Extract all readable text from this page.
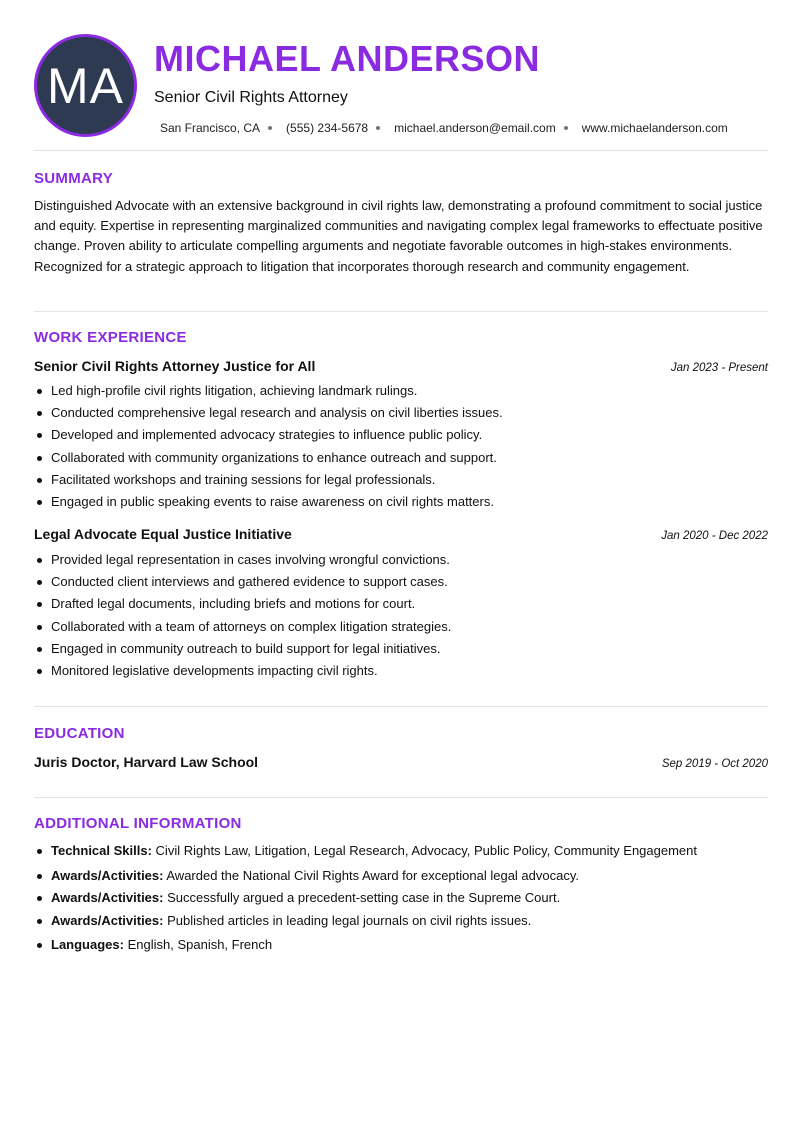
MA MICHAEL ANDERSON
Senior Civil Rights Attorney
San Francisco, CA (555) 234-5678 michael.anderson@email.com www.michaelanderson.com
SUMMARY
Distinguished Advocate with an extensive background in civil rights law, demonstrating a profound commitment to social justice and equity. Expertise in representing marginalized communities and navigating complex legal frameworks to effectuate positive change. Proven ability to articulate compelling arguments and negotiate favorable outcomes in high-stakes environments. Recognized for a strategic approach to litigation that incorporates thorough research and community engagement.
WORK EXPERIENCE
Senior Civil Rights Attorney Justice for All	Jan 2023 - Present
Led high-profile civil rights litigation, achieving landmark rulings.
Conducted comprehensive legal research and analysis on civil liberties issues.
Developed and implemented advocacy strategies to influence public policy.
Collaborated with community organizations to enhance outreach and support.
Facilitated workshops and training sessions for legal professionals.
Engaged in public speaking events to raise awareness on civil rights matters.
Legal Advocate Equal Justice Initiative	Jan 2020 - Dec 2022
Provided legal representation in cases involving wrongful convictions.
Conducted client interviews and gathered evidence to support cases.
Drafted legal documents, including briefs and motions for court.
Collaborated with a team of attorneys on complex litigation strategies.
Engaged in community outreach to build support for legal initiatives.
Monitored legislative developments impacting civil rights.
EDUCATION
Juris Doctor, Harvard Law School	Sep 2019 - Oct 2020
ADDITIONAL INFORMATION
Technical Skills: Civil Rights Law, Litigation, Legal Research, Advocacy, Public Policy, Community Engagement
Awards/Activities: Awarded the National Civil Rights Award for exceptional legal advocacy.
Awards/Activities: Successfully argued a precedent-setting case in the Supreme Court.
Awards/Activities: Published articles in leading legal journals on civil rights issues.
Languages: English, Spanish, French
